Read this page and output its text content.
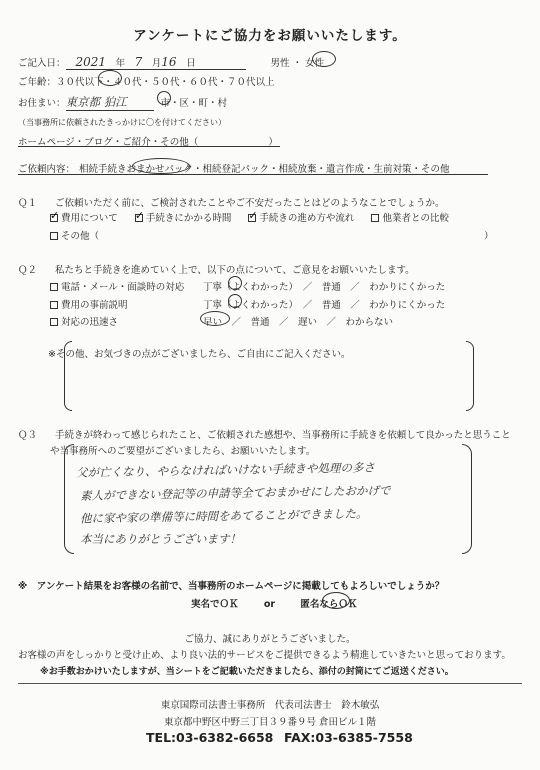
アンケートにご協力をお願いいたします。
ご記入日： 2021　 年　 7　 月16　 日	男性 ・ 女性
ご年齢：３０代以下・４０代・５０代・６０代・７０代以上
お住まい：東京都 狛江	市・区・町・村
（当事務所に依頼されたきっかけに〇を付けてください）
ホームページ・ブログ・ご紹介・その他（	）
ご依頼内容： 相続手続きおまかせパック・相続登記パック・相続放棄・遺言作成・生前対策・その他
Ｑ１ ご依頼いただく前に、ご検討されたことやご不安だったことはどのようなことでしょうか。
✓費用について ✓	手続きにかかる時間 ✓	手続きの進め方や流れ	他業者との比較
その他（	）
Ｑ２ 私たちと手続きを進めていく上で、以下の点について、ご意見をお願いいたします。
電話・メール・面談時の対応 丁寧（よくわかった）　／　普通　／　わかりにくかった
費用の事前説明	丁寧（よくわかった）　／　普通　／　わかりにくかった
対応の迅速さ	早い　／　普通　／　遅い　／　わからない
※その他、お気づきの点がございましたら、ご自由にご記入ください。
Ｑ３ 手続きが終わって感じられたこと、ご依頼された感想や、当事務所に手続きを依頼して良かったと思うこと
や当事務所へのご要望がございましたら、お願いいたします。
父が亡くなり、やらなければいけない手続きや処理の多さ
素人ができない登記等の申請等全ておまかせにしたおかげで
他に家や家の準備等に時間をあてることができました。
本当にありがとうございます！
※　アンケート結果をお客様の名前で、当事務所のホームページに掲載してもよろしいでしょうか？
実名でＯＫ	or	匿名ならＯＫ
ご協力、誠にありがとうございました。
お客様の声をしっかりと受け止め、より良い法的サービスをご提供できるよう精進していきたいと思っております。
※お手数おかけいたしますが、当シートをご記載いただきましたら、添付の封筒にてご返送ください。
東京国際司法書士事務所　代表司法書士　鈴木敏弘
東京都中野区中野三丁目３９番９号 倉田ビル１階
TEL:03-6382-6658 FAX:03-6385-7558
